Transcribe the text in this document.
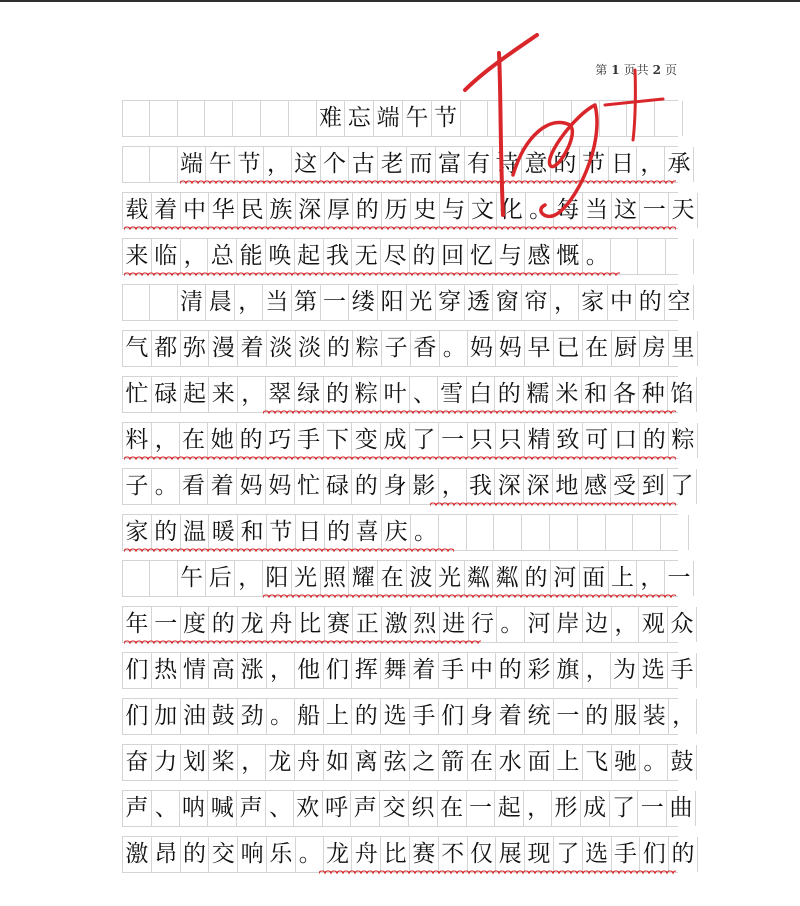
第 1 页共 2 页
难 忘 端 午 节
端 午 节 ， 这 个 古 老 而 富 有 诗 意 的 节 日 ， 承
载 着 中 华 民 族 深 厚 的 历 史 与 文 化 。 每 当 这 一 天
来 临 ， 总 能 唤 起 我 无 尽 的 回 忆 与 感 慨 。
清 晨 ， 当 第 一 缕 阳 光 穿 透 窗 帘 ， 家 中 的 空
气 都 弥 漫 着 淡 淡 的 粽 子 香 。 妈 妈 早 已 在 厨 房 里
忙 碌 起 来 ， 翠 绿 的 粽 叶 、 雪 白 的 糯 米 和 各 种 馅
料 ， 在 她 的 巧 手 下 变 成 了 一 只 只 精 致 可 口 的 粽
子 。 看 着 妈 妈 忙 碌 的 身 影 ， 我 深 深 地 感 受 到 了
家 的 温 暖 和 节 日 的 喜 庆 。
午 后 ， 阳 光 照 耀 在 波 光 粼 粼 的 河 面 上 ， 一
年 一 度 的 龙 舟 比 赛 正 激 烈 进 行 。 河 岸 边 ， 观 众
们 热 情 高 涨 ， 他 们 挥 舞 着 手 中 的 彩 旗 ， 为 选 手
们 加 油 鼓 劲 。 船 上 的 选 手 们 身 着 统 一 的 服 装 ，
奋 力 划 桨 ， 龙 舟 如 离 弦 之 箭 在 水 面 上 飞 驰 。 鼓
声 、 呐 喊 声 、 欢 呼 声 交 织 在 一 起 ， 形 成 了 一 曲
激 昂 的 交 响 乐 。 龙 舟 比 赛 不 仅 展 现 了 选 手 们 的
